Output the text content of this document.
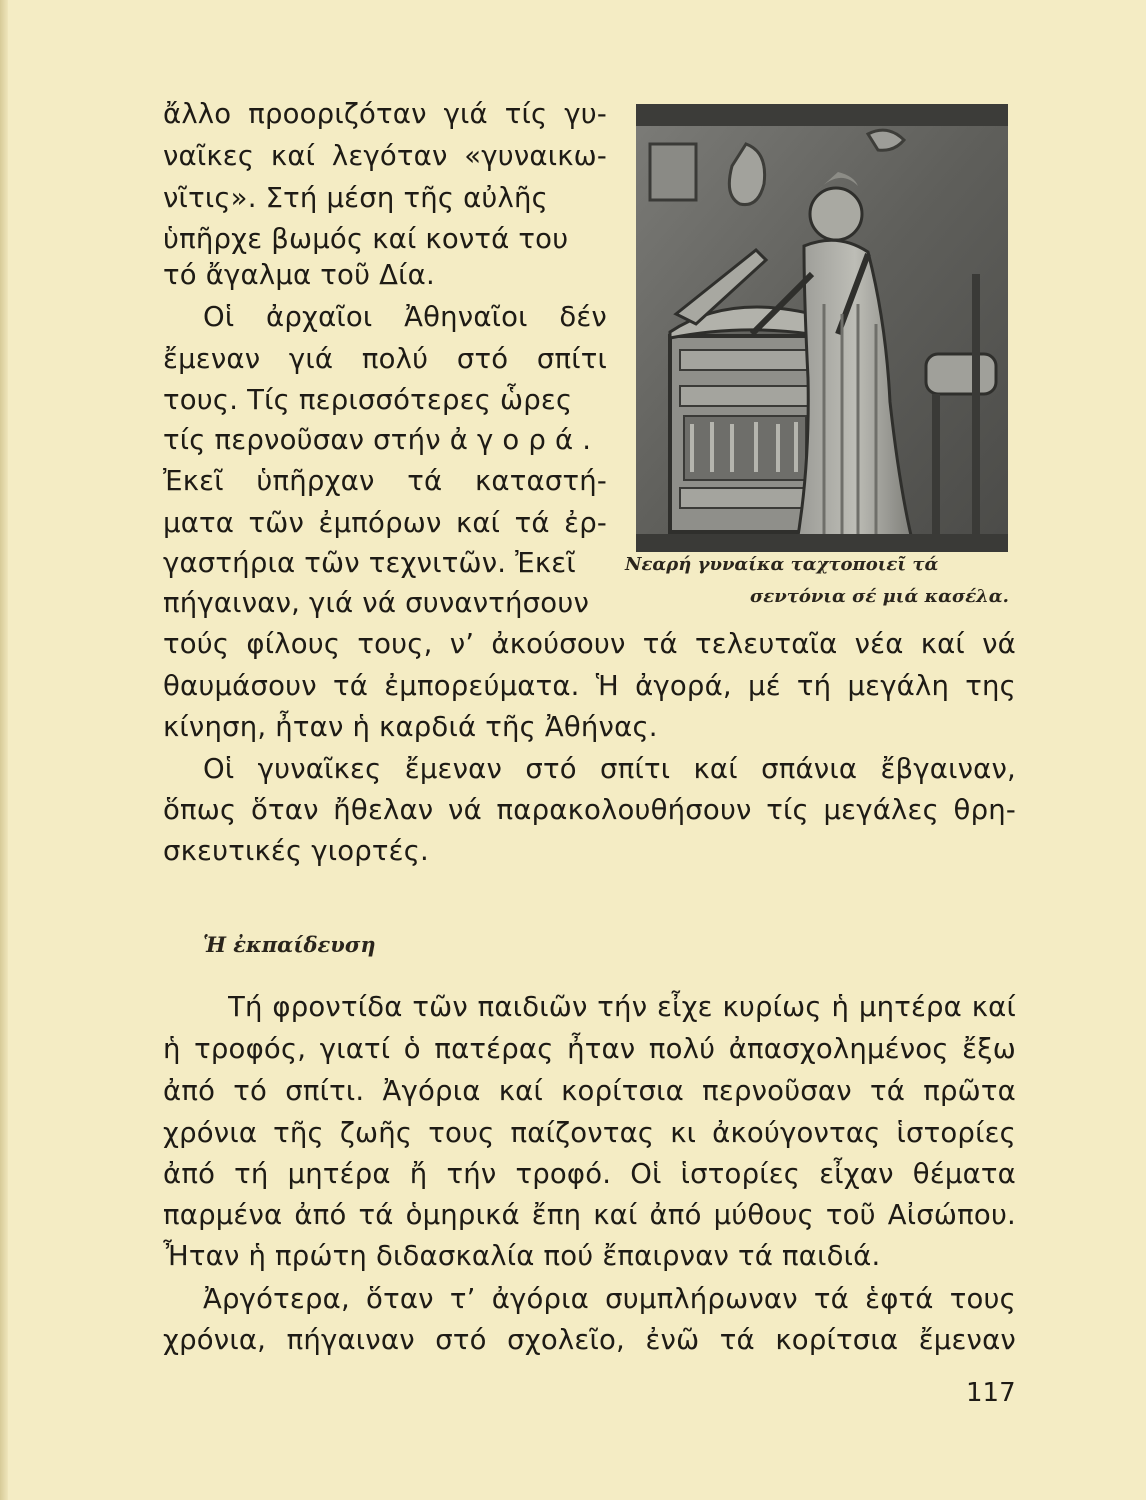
ἄλλο προοριζόταν γιά τίς γυ-
ναῖκες καί λεγόταν «γυναικω-
νῖτις». Στή μέση τῆς αὐλῆς
ὑπῆρχε βωμός καί κοντά του
τό ἄγαλμα τοῦ Δία.
Οἱ ἀρχαῖοι Ἀθηναῖοι δέν
ἔμεναν γιά πολύ στό σπίτι
τους. Τίς περισσότερες ὧρες
τίς περνοῦσαν στήν ἀ γ ο ρ ά .
Ἐκεῖ ὑπῆρχαν τά καταστή-
ματα τῶν ἐμπόρων καί τά ἐρ-
γαστήρια τῶν τεχνιτῶν. Ἐκεῖ
πήγαιναν, γιά νά συναντήσουν
Νεαρή γυναίκα ταχτοποιεῖ τά
σεντόνια σέ μιά κασέλα.
τούς φίλους τους, ν’ ἀκούσουν τά τελευταῖα νέα καί νά
θαυμάσουν τά ἐμπορεύματα. Ἡ ἀγορά, μέ τή μεγάλη της
κίνηση, ἦταν ἡ καρδιά τῆς Ἀθήνας.
Οἱ γυναῖκες ἔμεναν στό σπίτι καί σπάνια ἔβγαιναν,
ὅπως ὅταν ἤθελαν νά παρακολουθήσουν τίς μεγάλες θρη-
σκευτικές γιορτές.
Ἡ ἐκπαίδευση
Τή φροντίδα τῶν παιδιῶν τήν εἶχε κυρίως ἡ μητέρα καί
ἡ τροφός, γιατί ὁ πατέρας ἦταν πολύ ἀπασχολημένος ἔξω
ἀπό τό σπίτι. Ἀγόρια καί κορίτσια περνοῦσαν τά πρῶτα
χρόνια τῆς ζωῆς τους παίζοντας κι ἀκούγοντας ἱστορίες
ἀπό τή μητέρα ἤ τήν τροφό. Οἱ ἱστορίες εἶχαν θέματα
παρμένα ἀπό τά ὁμηρικά ἔπη καί ἀπό μύθους τοῦ Αἰσώπου.
Ἦταν ἡ πρώτη διδασκαλία πού ἔπαιρναν τά παιδιά.
Ἀργότερα, ὅταν τ’ ἀγόρια συμπλήρωναν τά ἑφτά τους
χρόνια, πήγαιναν στό σχολεῖο, ἐνῶ τά κορίτσια ἔμεναν
117
